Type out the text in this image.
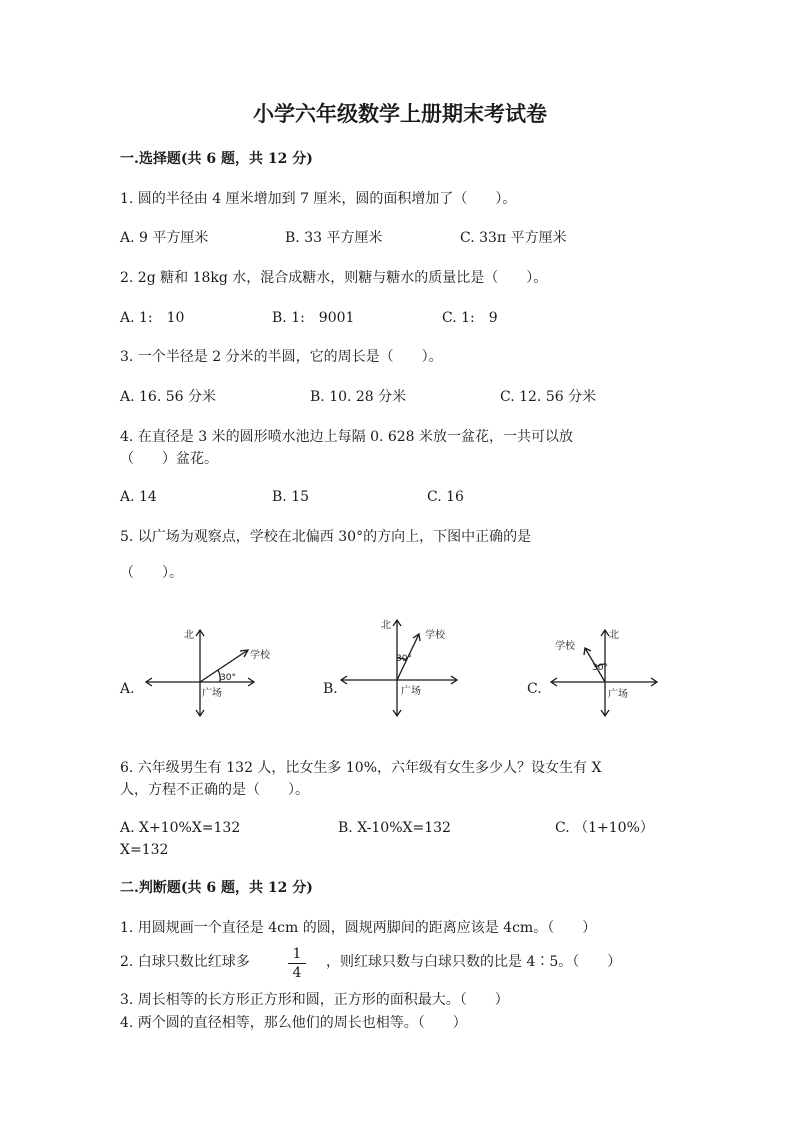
小学六年级数学上册期末考试卷
一.选择题(共 6 题，共 12 分)
1. 圆的半径由 4 厘米增加到 7 厘米，圆的面积增加了（　　）。
A. 9 平方厘米	B. 33 平方厘米	C. 33π 平方厘米
2. 2g 糖和 18kg 水，混合成糖水，则糖与糖水的质量比是（　　）。
A. 1:　10	B. 1:　9001	C. 1:　9
3. 一个半径是 2 分米的半圆，它的周长是（　　）。
A. 16. 56 分米	B. 10. 28 分米	C. 12. 56 分米
4. 在直径是 3 米的圆形喷水池边上每隔 0. 628 米放一盆花，一共可以放
（　　）盆花。
A. 14	B. 15	C. 16
5. 以广场为观察点，学校在北偏西 30°的方向上，下图中正确的是
（　　）。
A.	B.	C.
北
学校
30°
广场
北
学校
30°
广场
北
学校
30°
广场
6. 六年级男生有 132 人，比女生多 10%，六年级有女生多少人？设女生有 X
人，方程不正确的是（　　）。
A. X+10%X=132	B. X-10%X=132	C. （1+10%）
X=132
二.判断题(共 6 题，共 12 分)
1. 用圆规画一个直径是 4cm 的圆，圆规两脚间的距离应该是 4cm。（　　）
2. 白球只数比红球多	1
4
，则红球只数与白球只数的比是 4∶5。（　　）
3. 周长相等的长方形正方形和圆，正方形的面积最大。（　　）
4. 两个圆的直径相等，那么他们的周长也相等。（　　）
